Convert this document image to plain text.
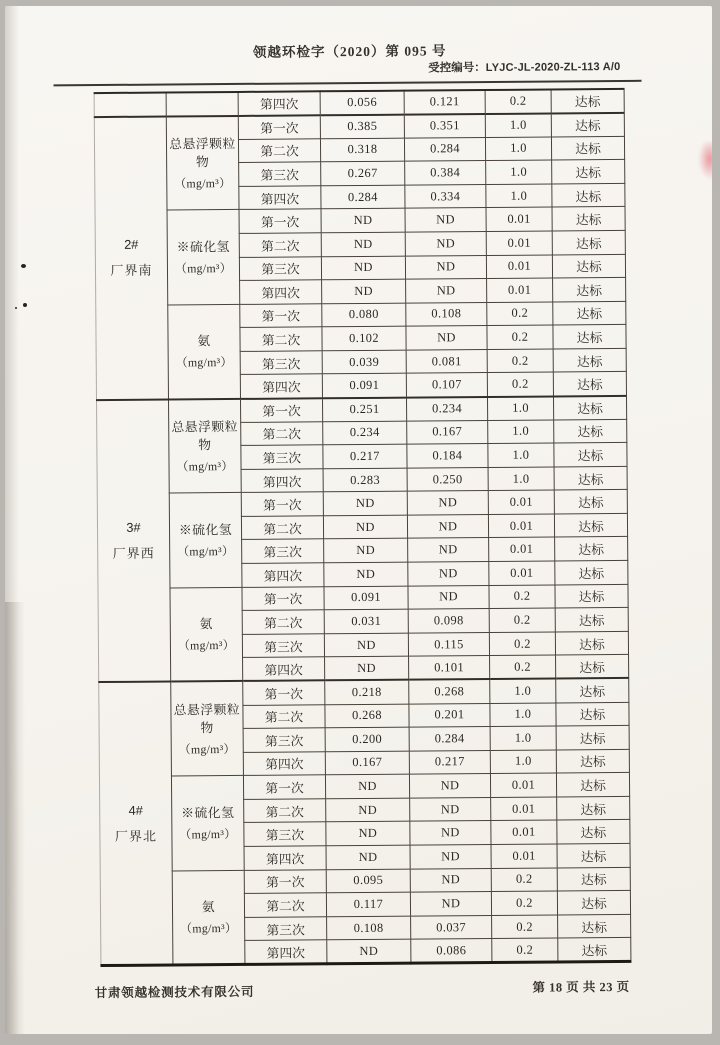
领越环检字（2020）第 095 号
受控编号：LYJC-JL-2020-ZL-113 A/0
		第四次	0.056	0.121	0.2	达标

2#
厂界南

总悬浮颗粒物
（mg/m³）
	第一次	0.385	0.351	1.0	达标
		第二次	0.318	0.284	1.0	达标
		第三次	0.267	0.384	1.0	达标
		第四次	0.284	0.334	1.0	达标

	※硫化氢
（mg/m³）	第一次	ND	ND	0.01	达标
		第二次	ND	ND	0.01	达标
		第三次	ND	ND	0.01	达标
		第四次	ND	ND	0.01	达标

	氨
（mg/m³）	第一次	0.080	0.108	0.2	达标
		第二次	0.102	ND	0.2	达标
		第三次	0.039	0.081	0.2	达标
		第四次	0.091	0.107	0.2	达标

3#
厂界西

总悬浮颗粒物
（mg/m³）
	第一次	0.251	0.234	1.0	达标
		第二次	0.234	0.167	1.0	达标
		第三次	0.217	0.184	1.0	达标
		第四次	0.283	0.250	1.0	达标

	※硫化氢
（mg/m³）	第一次	ND	ND	0.01	达标
		第二次	ND	ND	0.01	达标
		第三次	ND	ND	0.01	达标
		第四次	ND	ND	0.01	达标

	氨
（mg/m³）	第一次	0.091	ND	0.2	达标
		第二次	0.031	0.098	0.2	达标
		第三次	ND	0.115	0.2	达标
		第四次	ND	0.101	0.2	达标

4#
厂界北

总悬浮颗粒物
（mg/m³）
	第一次	0.218	0.268	1.0	达标
		第二次	0.268	0.201	1.0	达标
		第三次	0.200	0.284	1.0	达标
		第四次	0.167	0.217	1.0	达标

	※硫化氢
（mg/m³）	第一次	ND	ND	0.01	达标
		第二次	ND	ND	0.01	达标
		第三次	ND	ND	0.01	达标
		第四次	ND	ND	0.01	达标

	氨
（mg/m³）	第一次	0.095	ND	0.2	达标
		第二次	0.117	ND	0.2	达标
		第三次	0.108	0.037	0.2	达标
		第四次	ND	0.086	0.2	达标
甘肃领越检测技术有限公司	第 18 页 共 23 页
